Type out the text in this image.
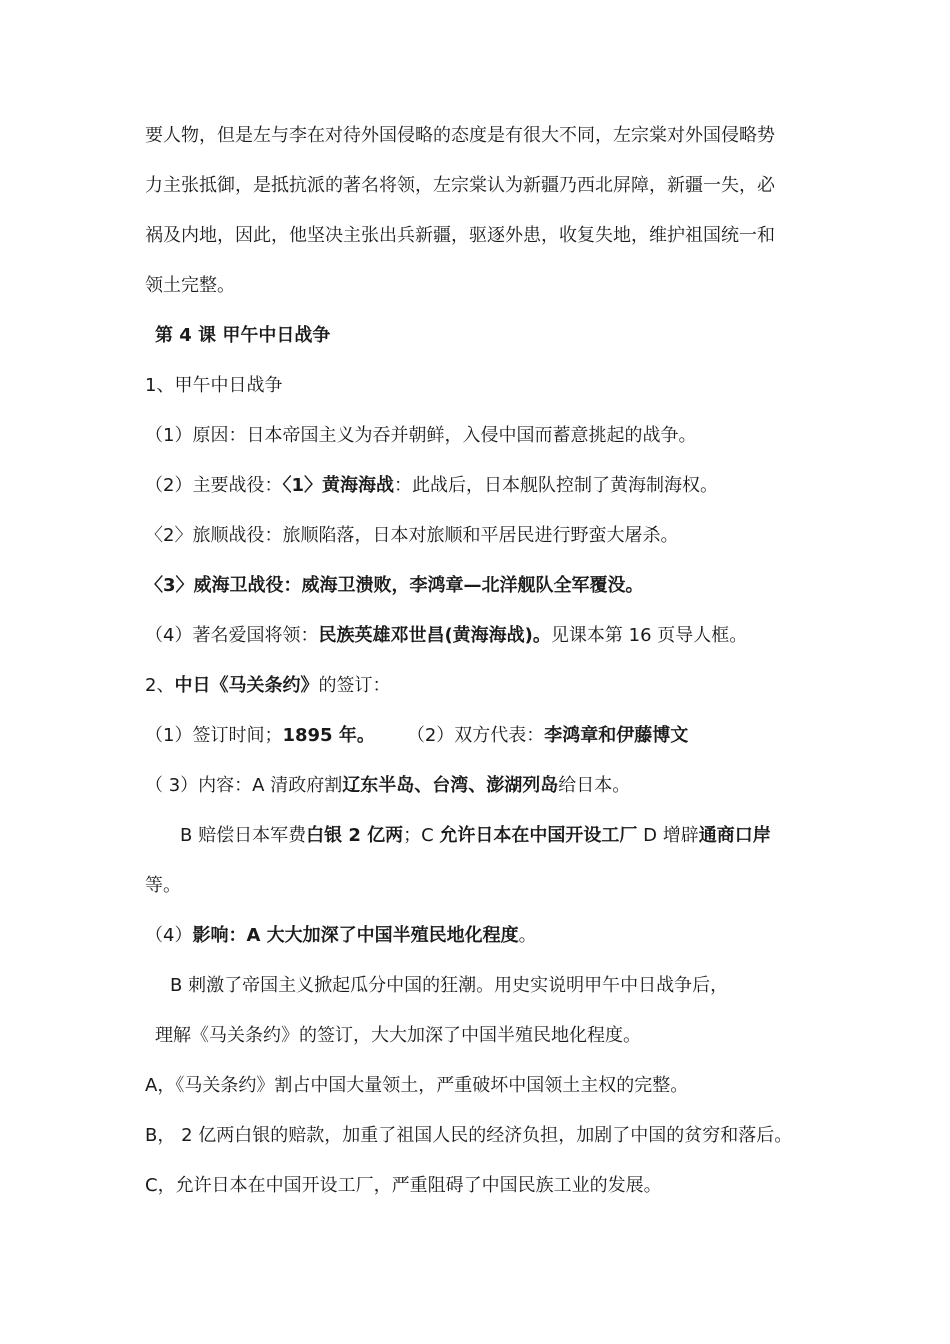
要人物，但是左与李在对待外国侵略的态度是有很大不同，左宗棠对外国侵略势
力主张抵御，是抵抗派的著名将领，左宗棠认为新疆乃西北屏障，新疆一失，必
祸及内地，因此，他坚决主张出兵新疆，驱逐外患，收复失地，维护祖国统一和
领土完整。
第 4 课 甲午中日战争
1、甲午中日战争
（1）原因：日本帝国主义为吞并朝鲜，入侵中国而蓄意挑起的战争。
（2）主要战役：〈1〉黄海海战：此战后，日本舰队控制了黄海制海权。
〈2〉旅顺战役：旅顺陷落，日本对旅顺和平居民进行野蛮大屠杀。
〈3〉威海卫战役：威海卫溃败，李鸿章—北洋舰队全军覆没。
（4）著名爱国将领：民族英雄邓世昌(黄海海战)。见课本第 16 页导人框。
2、中日《马关条约》的签订：
（1）签订时间；1895 年。 （2）双方代表：李鸿章和伊藤博文
（ 3）内容：A 清政府割辽东半岛、台湾、澎湖列岛给日本。
B 赔偿日本军费白银 2 亿两；C 允许日本在中国开设工厂 D 增辟通商口岸
等。
（4）影响：A 大大加深了中国半殖民地化程度。
B 刺激了帝国主义掀起瓜分中国的狂潮。用史实说明甲午中日战争后，
理解《马关条约》的签订，大大加深了中国半殖民地化程度。
A，《马关条约》割占中国大量领土，严重破坏中国领土主权的完整。
B， 2 亿两白银的赔款，加重了祖国人民的经济负担，加剧了中国的贫穷和落后。
C，允许日本在中国开设工厂，严重阻碍了中国民族工业的发展。
